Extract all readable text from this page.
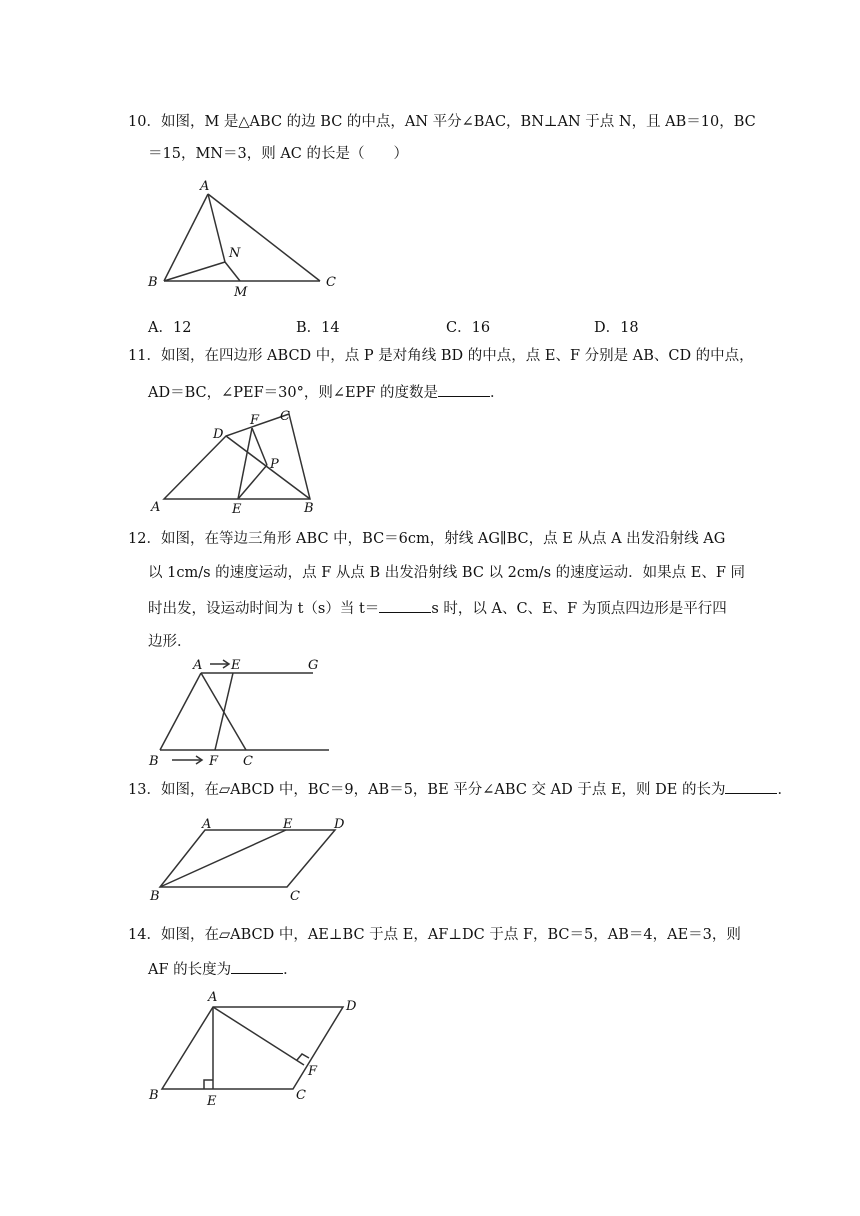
10．如图，M 是△ABC 的边 BC 的中点，AN 平分∠BAC，BN⊥AN 于点 N，且 AB＝10，BC
＝15，MN＝3，则 AC 的长是（　　）
A
B	C
N
M
A	B
C
D
E
F
P
A E	G
B	F C
A	E	D
B	C
A
D
B	E	C
F
A．12	B．14	C．16	D．18
11．如图，在四边形 ABCD 中，点 P 是对角线 BD 的中点，点 E、F 分别是 AB、CD 的中点，
AD＝BC，∠PEF＝30°，则∠EPF 的度数是	．
12．如图，在等边三角形 ABC 中，BC＝6cm，射线 AG∥BC，点 E 从点 A 出发沿射线 AG
以 1cm/s 的速度运动，点 F 从点 B 出发沿射线 BC 以 2cm/s 的速度运动．如果点 E、F 同
时出发，设运动时间为 t（s）当 t＝	s 时，以 A、C、E、F 为顶点四边形是平行四
边形．
13．如图，在▱ABCD 中，BC＝9，AB＝5，BE 平分∠ABC 交 AD 于点 E，则 DE 的长为	．
14．如图，在▱ABCD 中，AE⊥BC 于点 E，AF⊥DC 于点 F，BC＝5，AB＝4，AE＝3，则
AF 的长度为	．
